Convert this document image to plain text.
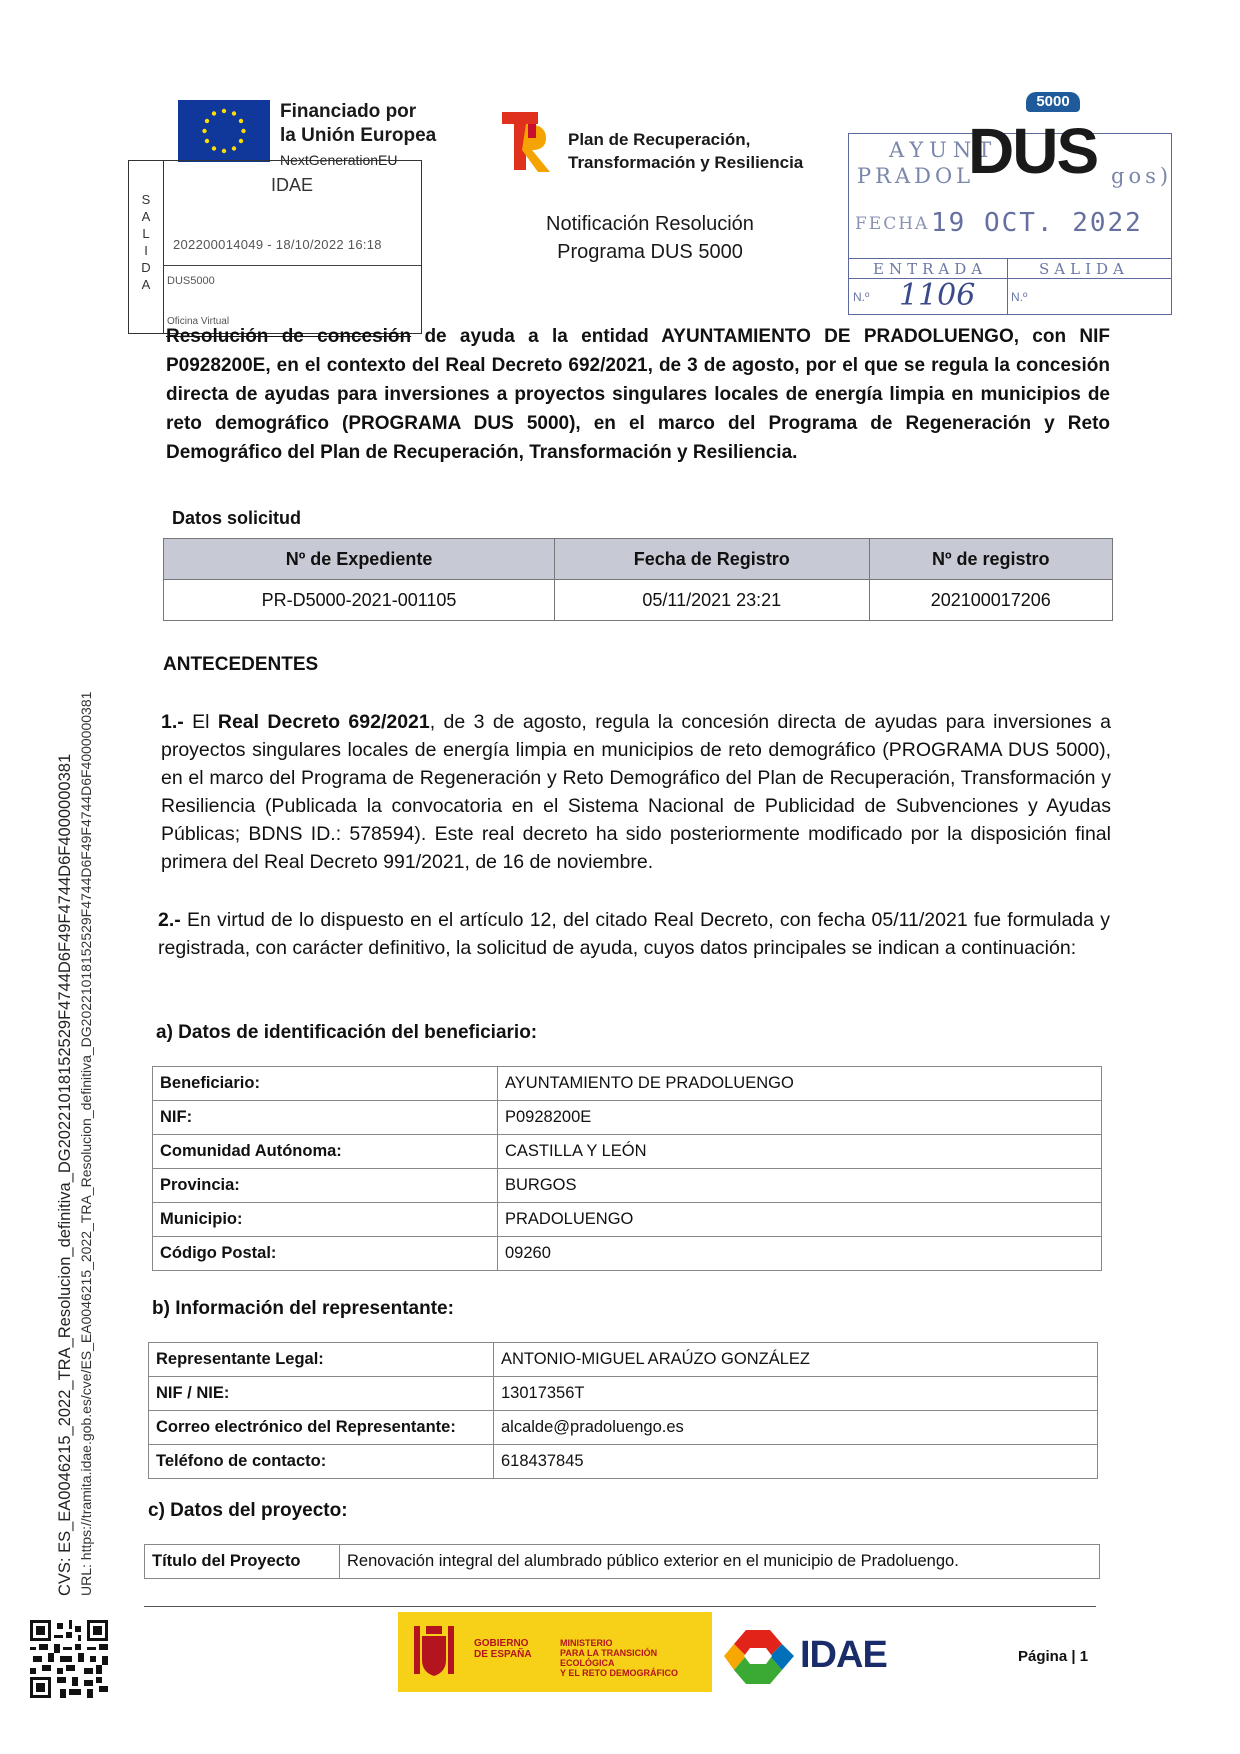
Financiado por
la Unión Europea
NextGenerationEU
S
A
L
I
D
A
IDAE
202200014049 - 18/10/2022 16:18
DUS5000
Oficina Virtual
Plan de Recuperación,
Transformación y Resiliencia
Notificación Resolución
Programa DUS 5000
AYUNT
PRADOL	gos)
FECHA 19 OCT. 2022
ENTRADA	SALIDA
N.º 1106	N.º
5000
DUS
Resolución de concesión de ayuda a la entidad AYUNTAMIENTO DE PRADOLUENGO, con NIF P0928200E, en el contexto del Real Decreto 692/2021, de 3 de agosto, por el que se regula la concesión directa de ayudas para inversiones a proyectos singulares locales de energía limpia en municipios de reto demográfico (PROGRAMA DUS 5000), en el marco del Programa de Regeneración y Reto Demográfico del Plan de Recuperación, Transformación y Resiliencia.
Datos solicitud
Nº de Expediente	Fecha de Registro	Nº de registro
PR-D5000-2021-001105	05/11/2021 23:21	202100017206
ANTECEDENTES
1.- El Real Decreto 692/2021, de 3 de agosto, regula la concesión directa de ayudas para inversiones a proyectos singulares locales de energía limpia en municipios de reto demográfico (PROGRAMA DUS 5000), en el marco del Programa de Regeneración y Reto Demográfico del Plan de Recuperación, Transformación y Resiliencia (Publicada la convocatoria en el Sistema Nacional de Publicidad de Subvenciones y Ayudas Públicas; BDNS ID.: 578594). Este real decreto ha sido posteriormente modificado por la disposición final primera del Real Decreto 991/2021, de 16 de noviembre.
2.- En virtud de lo dispuesto en el artículo 12, del citado Real Decreto, con fecha 05/11/2021 fue formulada y registrada, con carácter definitivo, la solicitud de ayuda, cuyos datos principales se indican a continuación:
a) Datos de identificación del beneficiario:
Beneficiario:	AYUNTAMIENTO DE PRADOLUENGO
NIF:	P0928200E
Comunidad Autónoma:	CASTILLA Y LEÓN
Provincia:	BURGOS
Municipio:	PRADOLUENGO
Código Postal:	09260
b) Información del representante:
Representante Legal:	ANTONIO-MIGUEL ARAÚZO GONZÁLEZ
NIF / NIE:	13017356T
Correo electrónico del Representante:	alcalde@pradoluengo.es
Teléfono de contacto:	618437845
c) Datos del proyecto:
Título del Proyecto	Renovación integral del alumbrado público exterior en el municipio de Pradoluengo.
GOBIERNO
DE ESPAÑA
MINISTERIO
PARA LA TRANSICIÓN ECOLÓGICA
Y EL RETO DEMOGRÁFICO	IDAE	Página | 1
CVS: ES_EA0046215_2022_TRA_Resolucion_definitiva_DG20221018152529F4744D6F49F4744D6F4000000381 URL: https://tramita.idae.gob.es/cve/ES_EA0046215_2022_TRA_Resolucion_definitiva_DG20221018152529F4744D6F49F4744D6F4000000381
